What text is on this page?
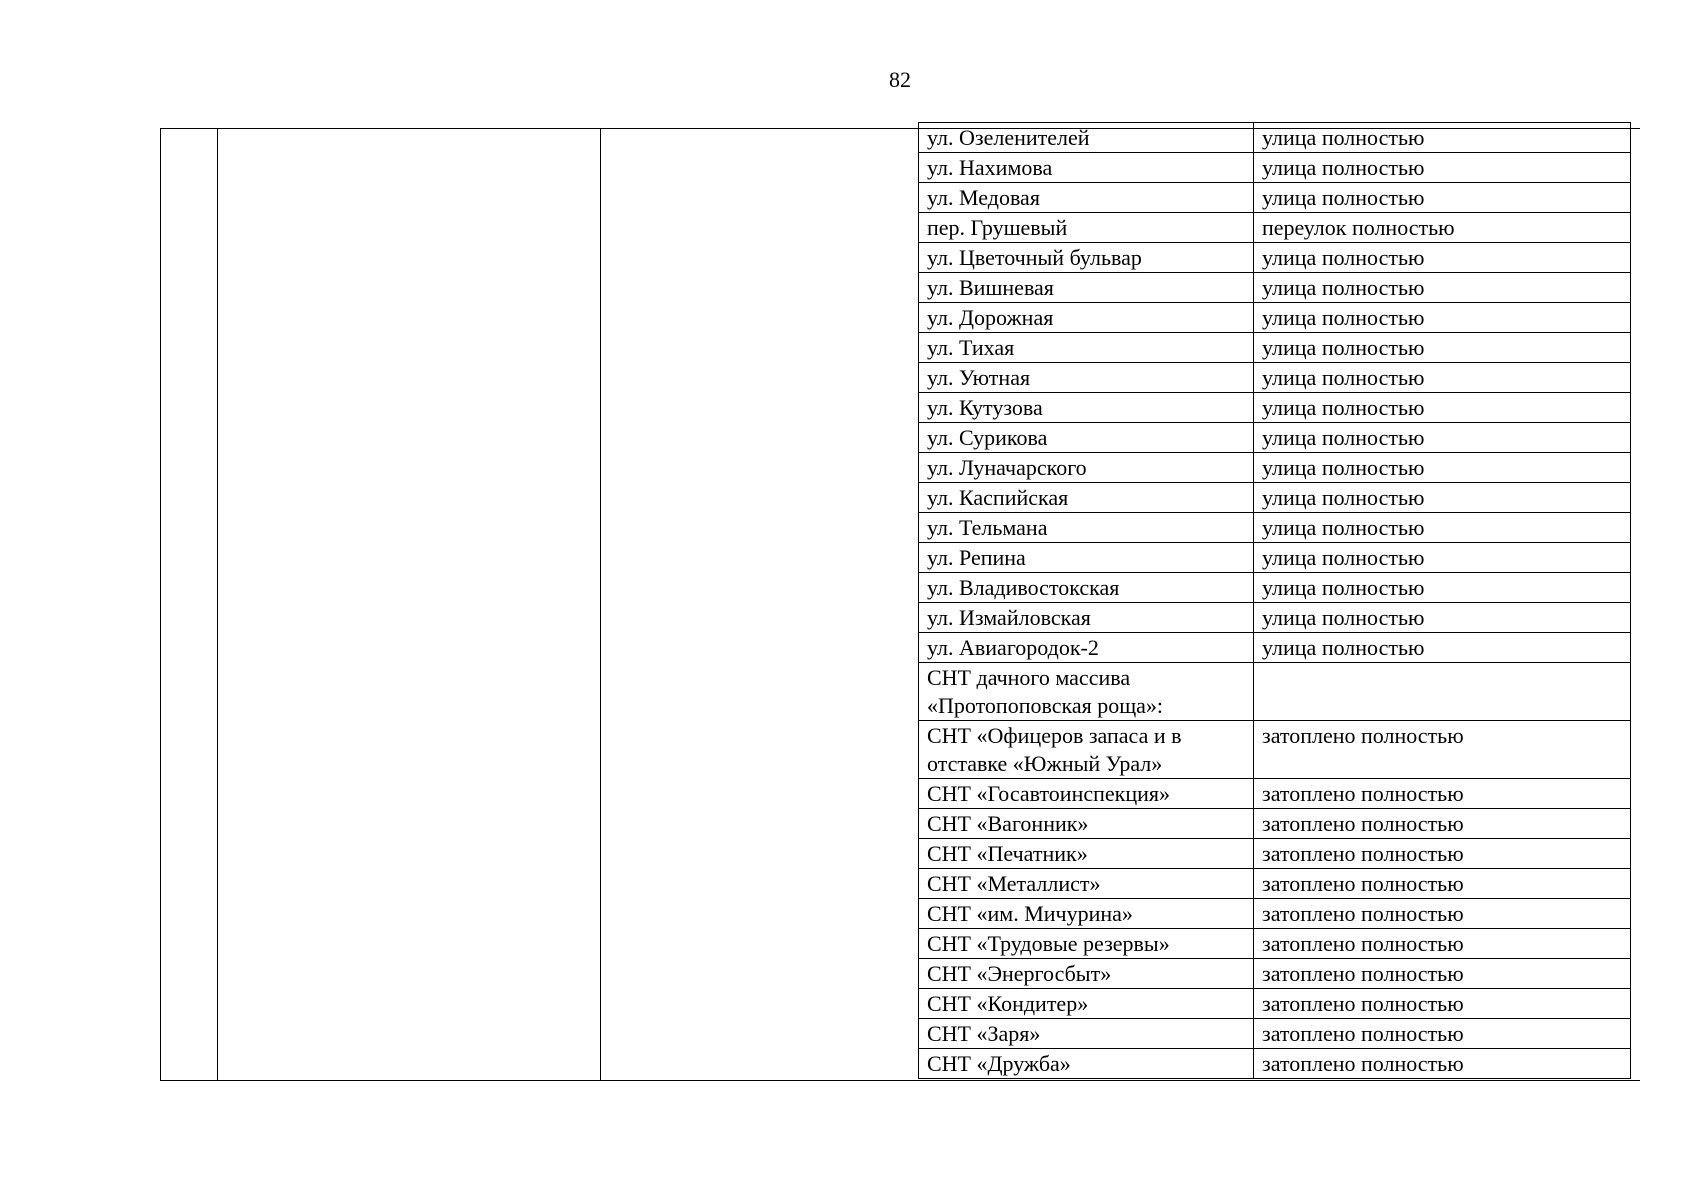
82
ул. Озеленителей	улица полностью
ул. Нахимова	улица полностью
ул. Медовая	улица полностью
пер. Грушевый	переулок полностью
ул. Цветочный бульвар	улица полностью
ул. Вишневая	улица полностью
ул. Дорожная	улица полностью
ул. Тихая	улица полностью
ул. Уютная	улица полностью
ул. Кутузова	улица полностью
ул. Сурикова	улица полностью
ул. Луначарского	улица полностью
ул. Каспийская	улица полностью
ул. Тельмана	улица полностью
ул. Репина	улица полностью
ул. Владивостокская	улица полностью
ул. Измайловская	улица полностью
ул. Авиагородок-2	улица полностью
СНТ дачного массива «Протопоповская роща»:	
СНТ «Офицеров запаса и в отставке «Южный Урал»	затоплено полностью
СНТ «Госавтоинспекция»	затоплено полностью
СНТ «Вагонник»	затоплено полностью
СНТ «Печатник»	затоплено полностью
СНТ «Металлист»	затоплено полностью
СНТ «им. Мичурина»	затоплено полностью
СНТ «Трудовые резервы»	затоплено полностью
СНТ «Энергосбыт»	затоплено полностью
СНТ «Кондитер»	затоплено полностью
СНТ «Заря»	затоплено полностью
СНТ «Дружба»	затоплено полностью
